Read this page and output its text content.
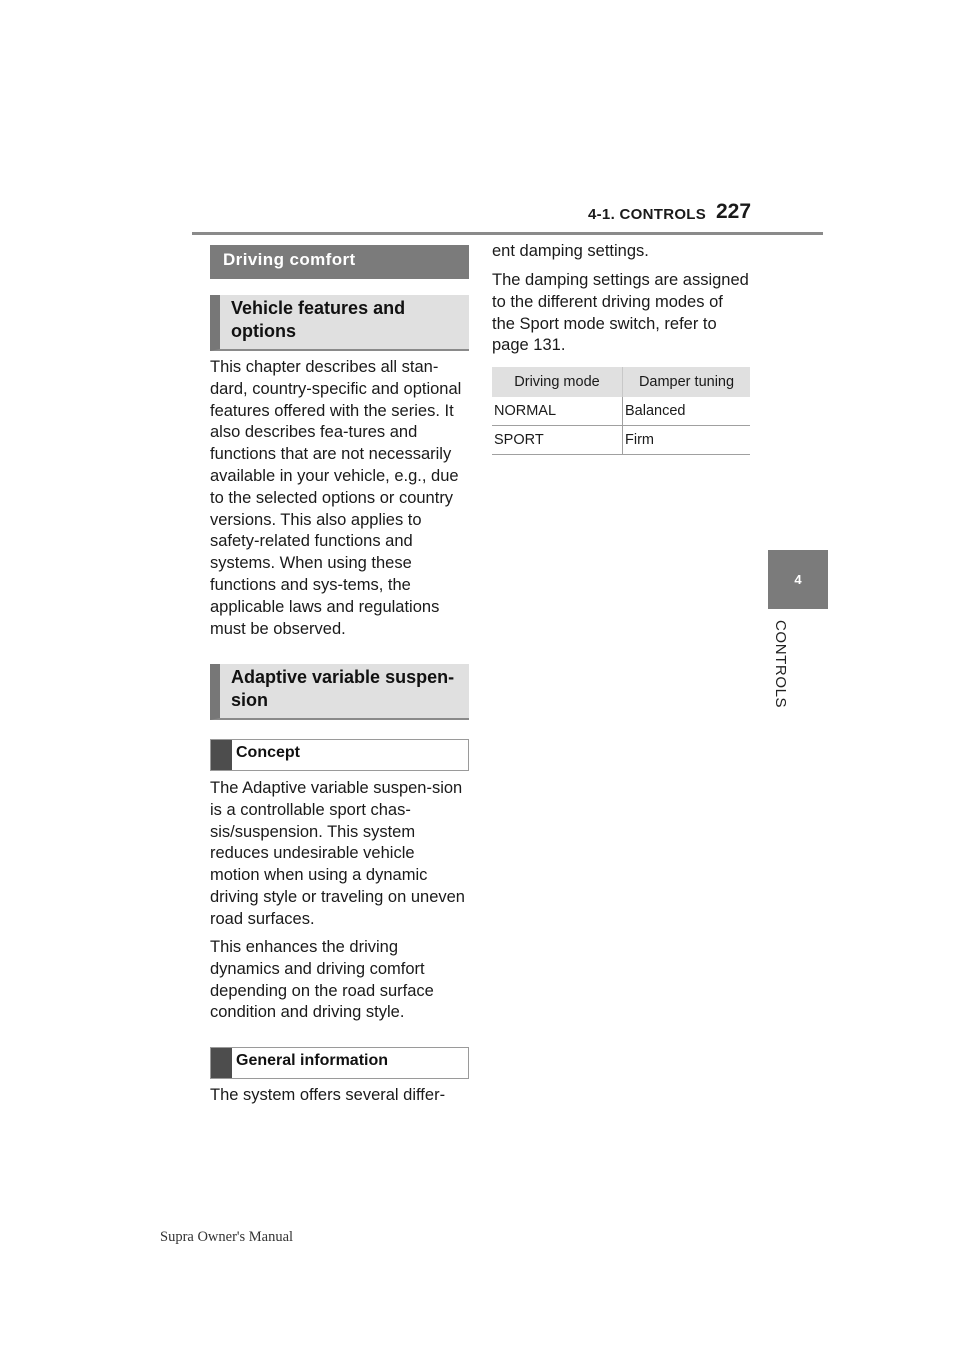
4-1. CONTROLS 227
4
CONTROLS
Driving comfort
Vehicle features and options

This chapter describes all stan-dard, country-specific and optional features offered with the series. It also describes fea-tures and functions that are not necessarily available in your vehicle, e.g., due to the selected options or country versions. This also applies to safety-related functions and systems. When using these functions and sys-tems, the applicable laws and regulations must be observed.

Adaptive variable suspen-sion
Concept

The Adaptive variable suspen-sion is a controllable sport chas-sis/suspension. This system reduces undesirable vehicle motion when using a dynamic driving style or traveling on uneven road surfaces.

This enhances the driving dynamics and driving comfort depending on the road surface condition and driving style.

General information

The system offers several differ-

ent damping settings.

The damping settings are assigned to the different driving modes of the Sport mode switch, refer to page 131.

Driving mode	Damper tuning
NORMAL	Balanced
SPORT	Firm
Supra Owner's Manual
